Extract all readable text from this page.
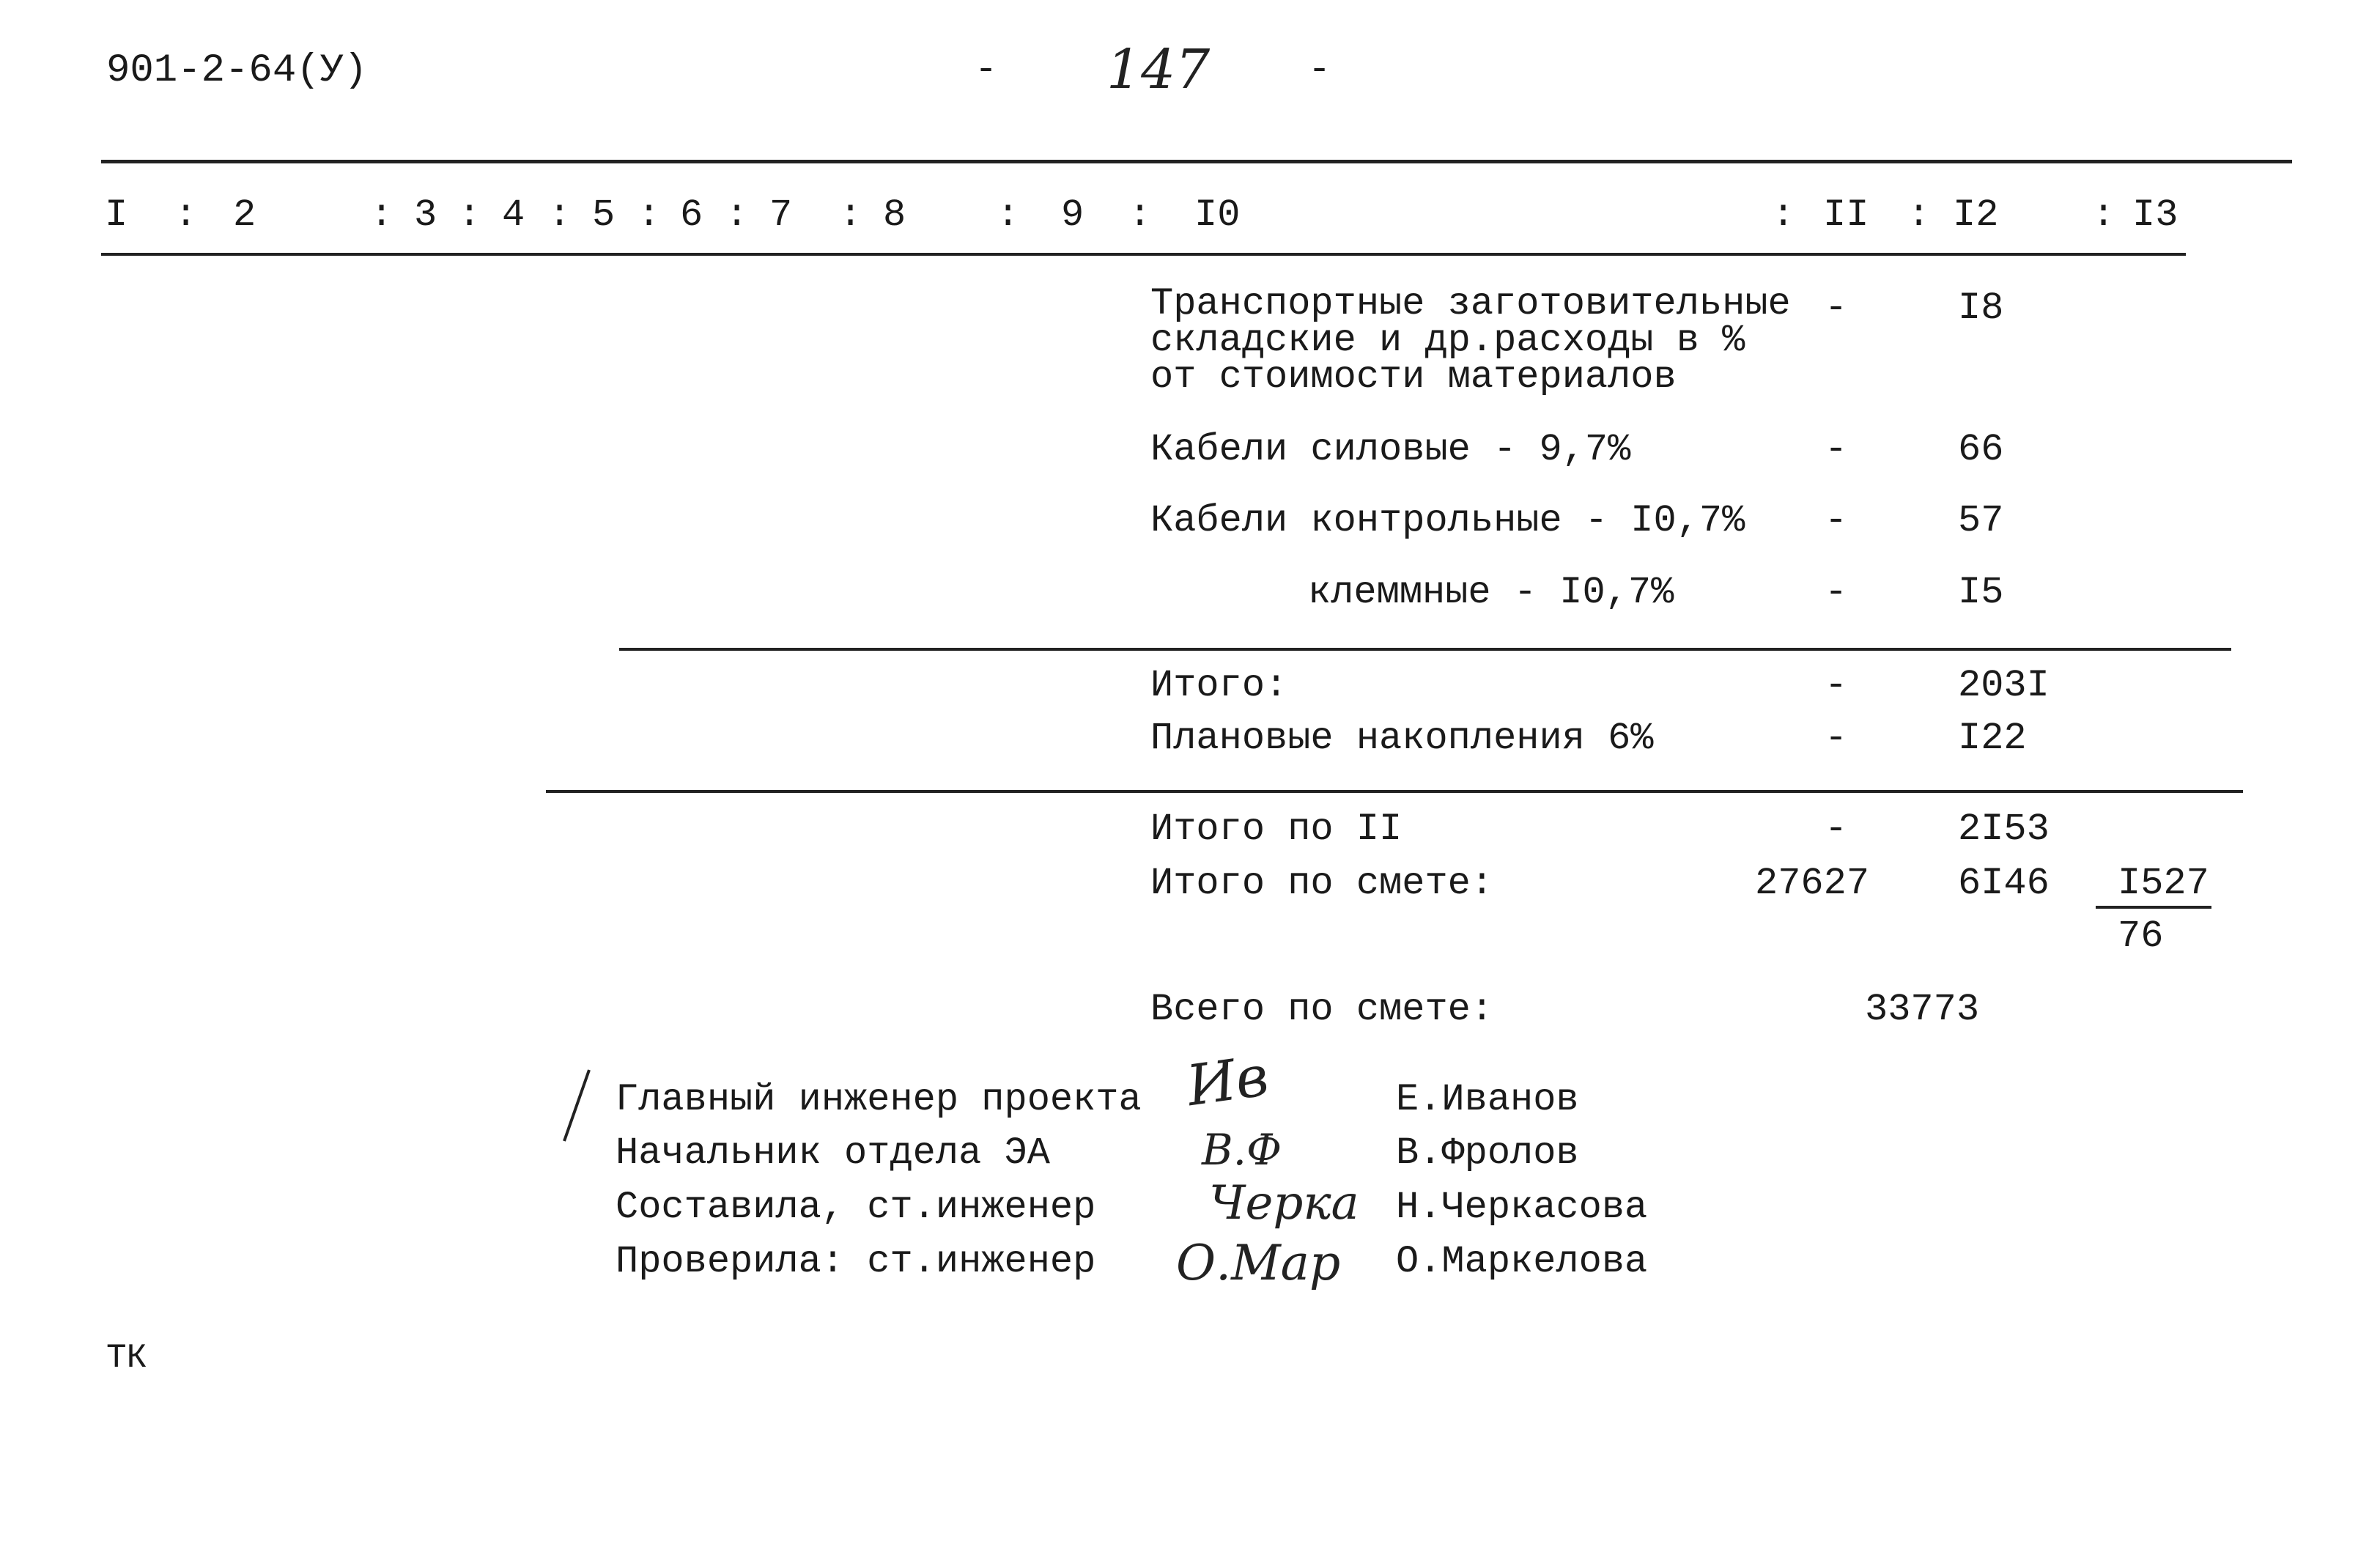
901-2-64(У)	- 147	-
I : 2	: 3 : 4 : 5 : 6 : 7 : 8 : 9 : I0	: II : I2 : I3
Транспортные заготовительные
складские и др.расходы в %
от стоимости материалов
-	I8
Кабели силовые - 9,7%	-	66
Кабели контрольные - I0,7% -	57
клеммные - I0,7%	-	I5
Итого:	-	203I
Плановые накопления 6%	-	I22
Итого по II	-	2I53
Итого по смете:	27627 6I46 I527
76
Всего по смете:	33773
Главный инженер проекта	Е.Иванов
Начальник отдела ЭА	В.Фролов
Составила, ст.инженер	Н.Черкасова
Проверила: ст.инженер	О.Маркелова
Ив
В.Ф
Черка
О.Мар
ТК
